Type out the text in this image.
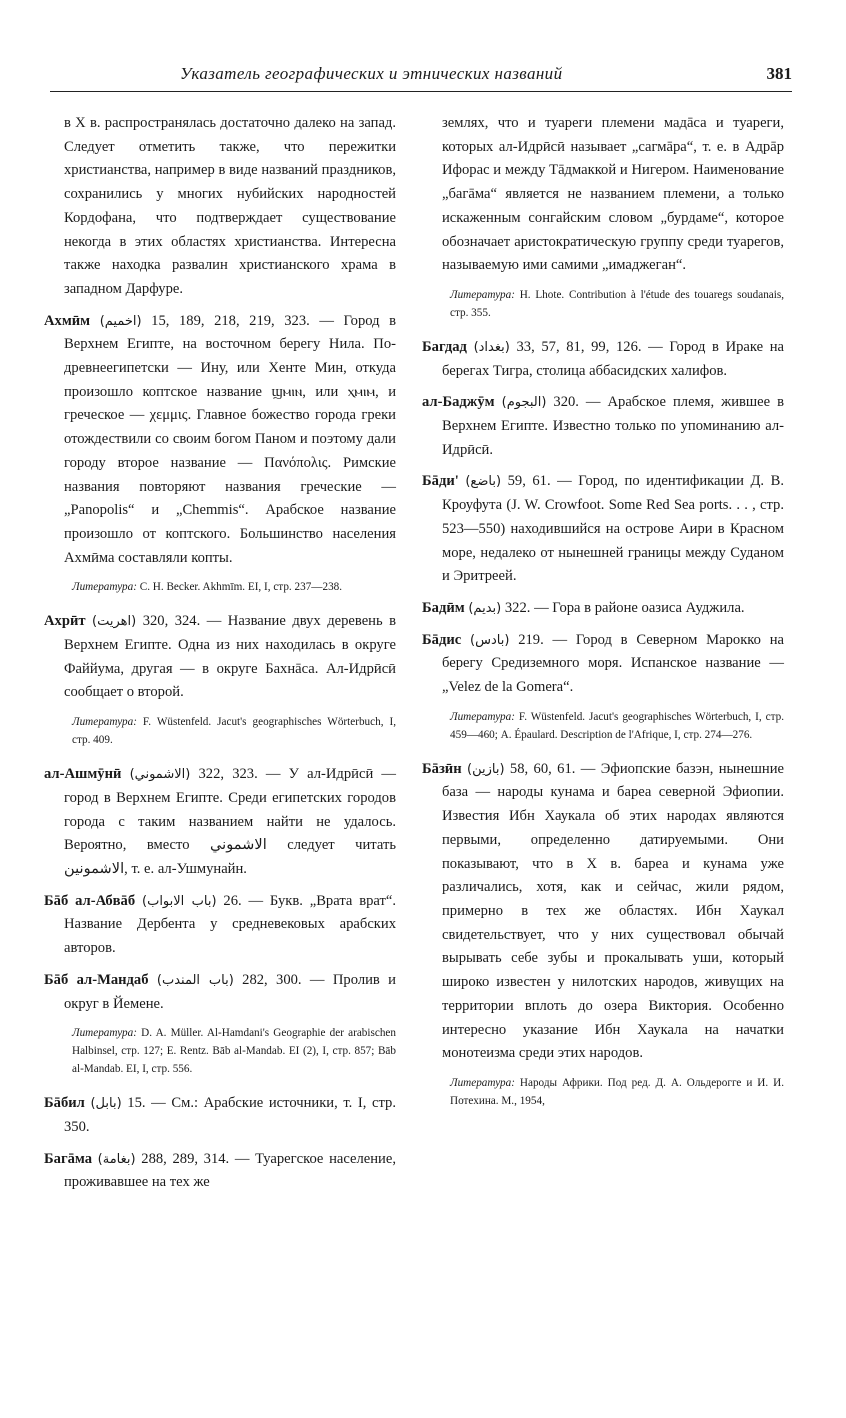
Указатель географических и этнических названий	381

в X в. распространялась достаточно далеко на запад. Следует отметить также, что пережитки христианства, например в виде названий праздников, сохранились у многих нубийских народностей Кордофана, что подтверждает существование некогда в этих областях христианства. Интересна также находка развалин христианского храма в западном Дарфуре.

Ахмӣм (اخميم) 15, 189, 218, 219, 323. — Город в Верхнем Египте, на восточном берегу Нила. По-древнеегипетски — Ину, или Хенте Мин, откуда произошло коптское название ϣⲙⲓⲛ, или ⲭⲙⲓⲙ, и греческое — χεμμις. Главное божество города греки отождествили со своим богом Паном и поэтому дали городу второе название — Πανόπολις. Римские названия повторяют названия греческие — „Panopolis“ и „Chemmis“. Арабское название произошло от коптского. Большинство населения Ахмӣма составляли копты.

Литература: C. H. Becker. Akhmīm. EI, I, стр. 237—238.

Ахрӣт (اهريت) 320, 324. — Название двух деревень в Верхнем Египте. Одна из них находилась в округе Файйума, другая — в округе Бахнāса. Ал-Идрӣсӣ сообщает о второй.

Литература: F. Wüstenfeld. Jacut's geographisches Wörterbuch, I, стр. 409.

ал-Ашмӯнӣ (الاشموني) 322, 323. — У ал-Идрӣсӣ — город в Верхнем Египте. Среди египетских городов города с таким названием найти не удалось. Вероятно, вместо الاشموني следует читать الاشمونين, т. е. ал-Ушмунайн.

Бāб ал-Абвāб (باب الابواب) 26. — Букв. „Врата врат“. Название Дербента у средневековых арабских авторов.

Бāб ал-Мандаб (باب المندب) 282, 300. — Пролив и округ в Йемене.

Литература: D. A. Müller. Al-Hamdani's Geographie der arabischen Halbinsel, стр. 127; E. Rentz. Bāb al-Mandab. EI (2), I, стр. 857; Bāb al-Mandab. EI, I, стр. 556.

Бāбил (بابل) 15. — См.: Арабские источники, т. I, стр. 350.

Багāма (بغامة) 288, 289, 314. — Туарегское население, проживавшее на тех же

землях, что и туареги племени мадāса и туареги, которых ал-Идрӣсӣ называет „сагмāра“, т. е. в Адрāр Ифорас и между Тāдмаккой и Нигером. Наименование „багāма“ является не названием племени, а только искаженным сонгайским словом „бурдаме“, которое обозначает аристократическую группу среди туарегов, называемую ими самими „имаджеган“.

Литература: H. Lhote. Contribution à l'étude des touaregs soudanais, стр. 355.

Багдад (بغداد) 33, 57, 81, 99, 126. — Город в Ираке на берегах Тигра, столица аббасидских халифов.

ал-Баджӯм (البجوم) 320. — Арабское племя, жившее в Верхнем Египте. Известно только по упоминанию ал-Идрӣсӣ.

Бāди' (باضع) 59, 61. — Город, по идентификации Д. В. Кроуфута (J. W. Crowfoot. Some Red Sea ports. . . , стр. 523—550) находившийся на острове Аири в Красном море, недалеко от нынешней границы между Суданом и Эритреей.

Бадӣм (بديم) 322. — Гора в районе оазиса Ауджила.

Бāдис (بادس) 219. — Город в Северном Марокко на берегу Средиземного моря. Испанское название — „Velez de la Gomera“.

Литература: F. Wüstenfeld. Jacut's geographisches Wörterbuch, I, стр. 459—460; A. Épaulard. Description de l'Afrique, I, стр. 274—276.

Бāзӣн (بازين) 58, 60, 61. — Эфиопские базэн, нынешние база — народы кунама и бареа северной Эфиопии. Известия Ибн Хаукала об этих народах являются первыми, определенно датируемыми. Они показывают, что в X в. бареа и кунама уже различались, хотя, как и сейчас, жили рядом, примерно в тех же областях. Ибн Хаукал свидетельствует, что у них существовал обычай вырывать себе зубы и прокалывать уши, который широко известен у нилотских народов, живущих на территории вплоть до озера Виктория. Особенно интересно указание Ибн Хаукала на начатки монотеизма среди этих народов.

Литература: Народы Африки. Под ред. Д. А. Ольдерогге и И. И. Потехина. М., 1954,
